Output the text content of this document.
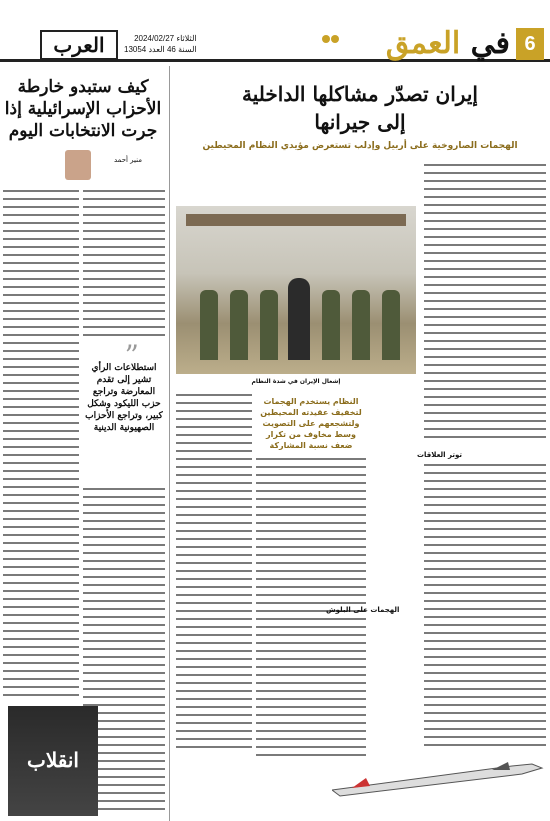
6
في العمق
العرب	الثلاثاء 2024/02/27
السنة 46 العدد 13054
كيف ستبدو خارطة الأحزاب الإسرائيلية إذا جرت الانتخابات اليوم
منير أحمد
”
استطلاعات الرأي تشير إلى تقدم المعارضة وتراجع حزب الليكود وشكل كبير، وتراجع الأحزاب الصهيونية الدينية
انقلاب
إيران تصدّر مشاكلها الداخلية
إلى جيرانها
الهجمات الصاروخية على أربيل وإدلب تستعرض مؤيدي النظام المحيطين
إشغال الإيران في شدة النظام
النظام يستخدم الهجمات لتخفيف عقيدته المحيطين ولتشجعهم على التصويت وسط مخاوف من تكرار ضعف نسبة المشاركة
توتر العلاقات
الهجمات على البلوش
